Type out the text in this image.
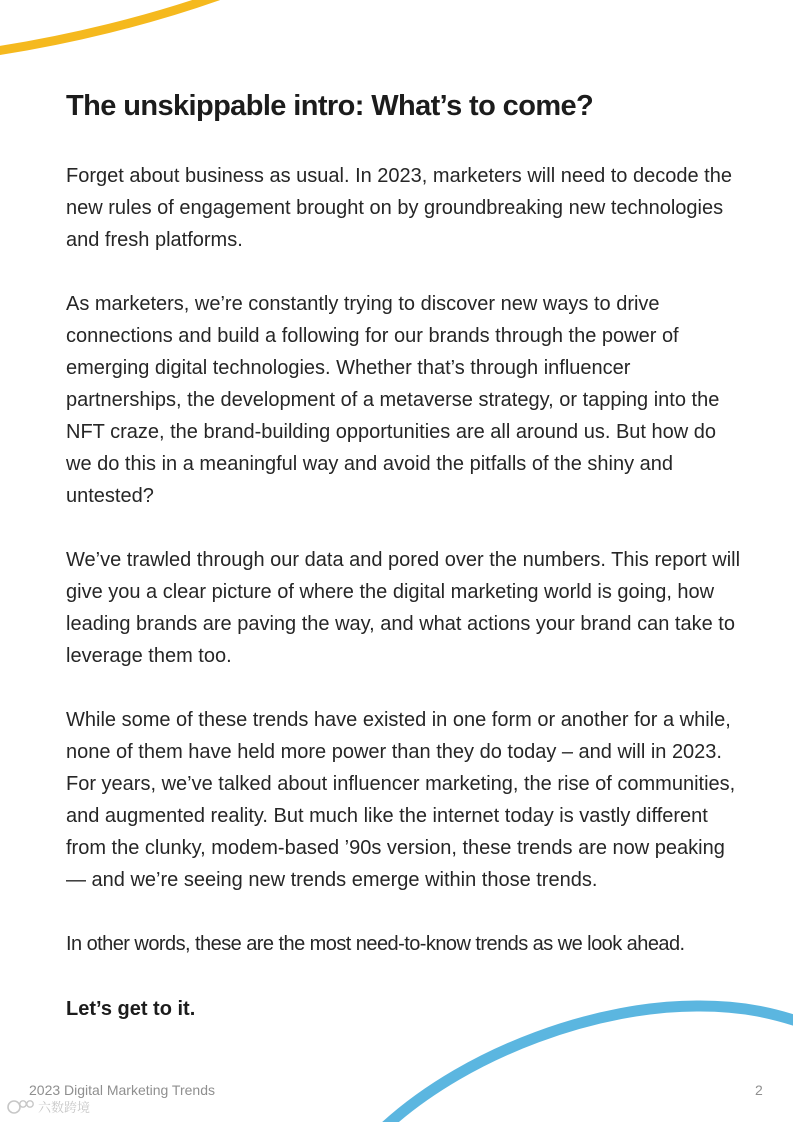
The unskippable intro: What’s to come?

Forget about business as usual. In 2023, marketers will need to decode the new rules of engagement brought on by groundbreaking new technologies and fresh platforms.

As marketers, we’re constantly trying to discover new ways to drive connections and build a following for our brands through the power of emerging digital technologies. Whether that’s through influencer partnerships, the development of a metaverse strategy, or tapping into the NFT craze, the brand-building opportunities are all around us. But how do we do this in a meaningful way and avoid the pitfalls of the shiny and untested?

We’ve trawled through our data and pored over the numbers. This report will give you a clear picture of where the digital marketing world is going, how leading brands are paving the way, and what actions your brand can take to leverage them too.

While some of these trends have existed in one form or another for a while, none of them have held more power than they do today – and will in 2023. For years, we’ve talked about influencer marketing, the rise of communities, and augmented reality. But much like the internet today is vastly different from the clunky, modem-based ’90s version, these trends are now peaking — and we’re seeing new trends emerge within those trends.

In other words, these are the most need-to-know trends as we look ahead.

Let’s get to it.

2023 Digital Marketing Trends	2
六数跨境
